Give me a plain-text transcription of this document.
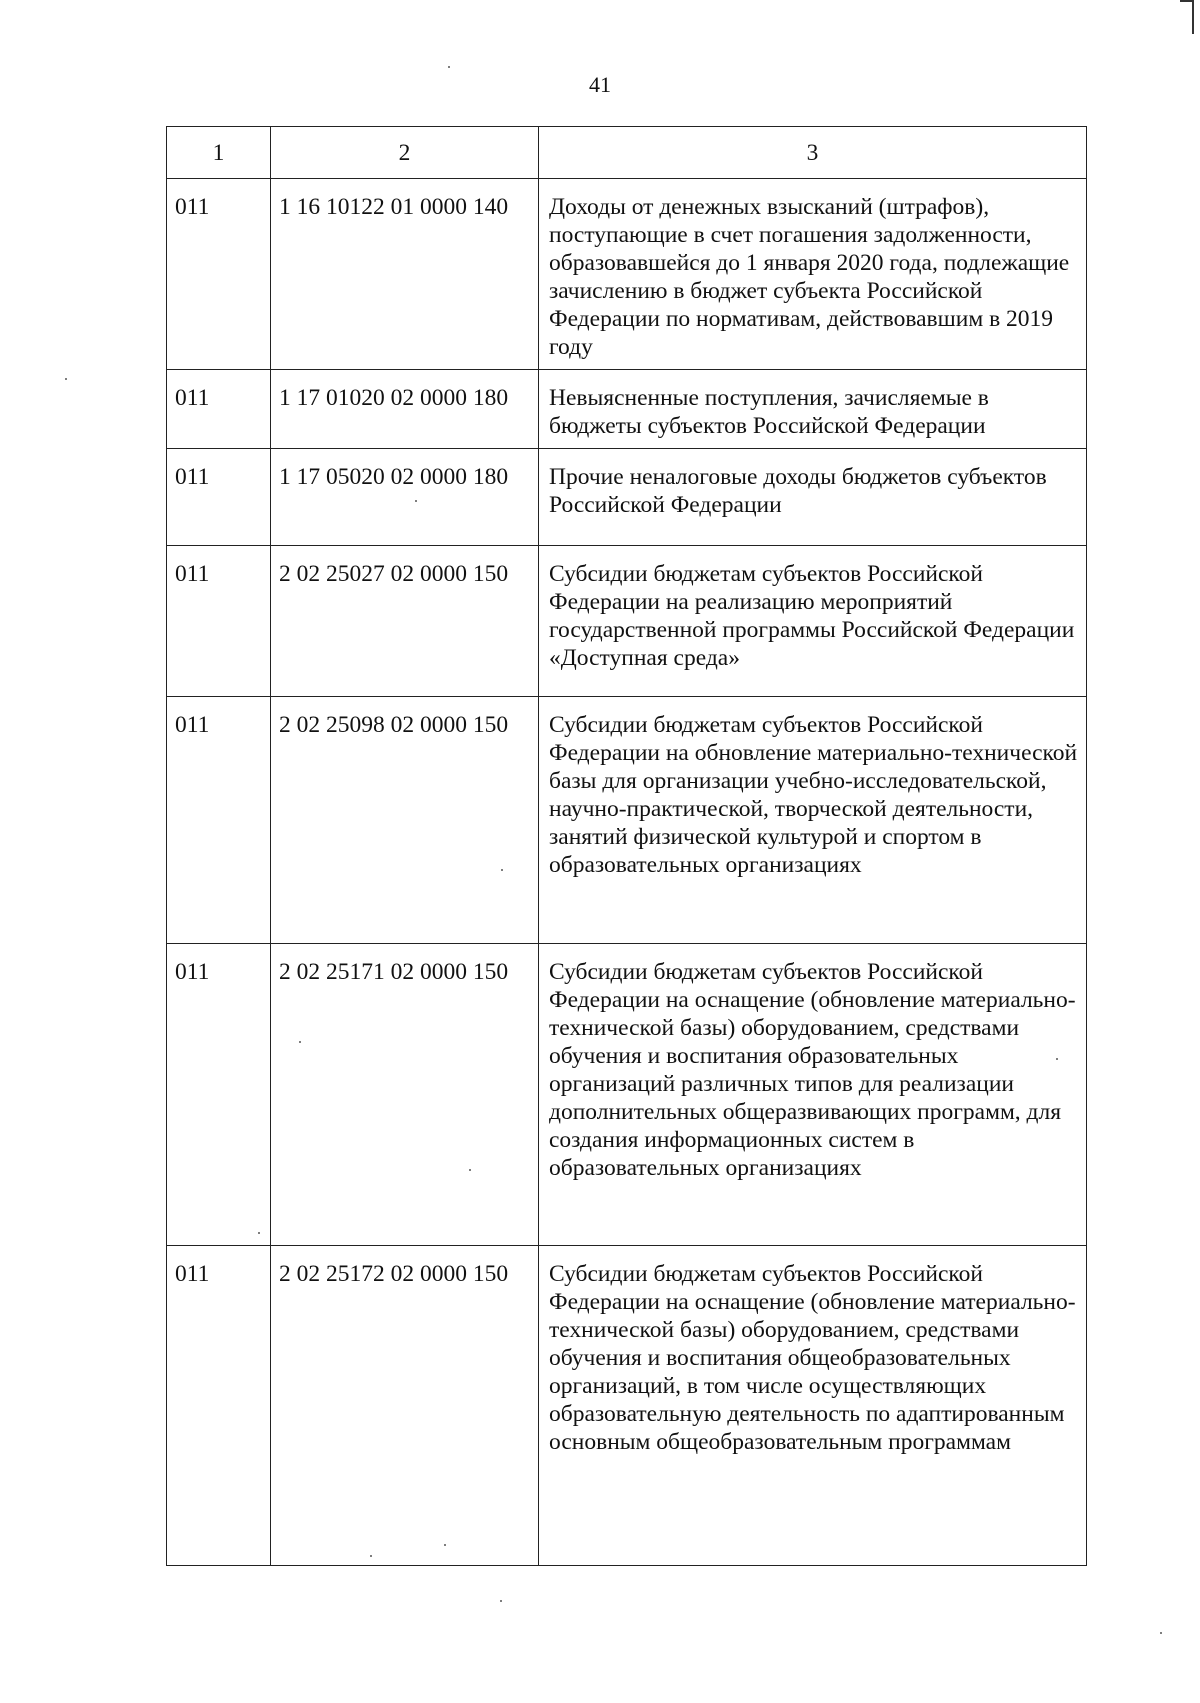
41
1	2	3
011	1 16 10122 01 0000 140	Доходы от денежных взысканий (штрафов), поступающие в счет погашения задолженности, образовавшейся до 1 января 2020 года, подлежащие зачислению в бюджет субъекта Российской Федерации по нормативам, действовавшим в 2019 году
011	1 17 01020 02 0000 180	Невыясненные поступления, зачисляемые в бюджеты субъектов Российской Федерации
011	1 17 05020 02 0000 180	Прочие неналоговые доходы бюджетов субъектов Российской Федерации
011	2 02 25027 02 0000 150	Субсидии бюджетам субъектов Российской Федерации на реализацию мероприятий государственной программы Российской Федерации «Доступная среда»
011	2 02 25098 02 0000 150	Субсидии бюджетам субъектов Российской Федерации на обновление материально-технической базы для организации учебно-исследовательской, научно-практической, творческой деятельности, занятий физической культурой и спортом в образовательных организациях
011	2 02 25171 02 0000 150	Субсидии бюджетам субъектов Российской Федерации на оснащение (обновление материально-технической базы) оборудованием, средствами обучения и воспитания образовательных организаций различных типов для реализации дополнительных общеразвивающих программ, для создания информационных систем в образовательных организациях
011	2 02 25172 02 0000 150	Субсидии бюджетам субъектов Российской Федерации на оснащение (обновление материально-технической базы) оборудованием, средствами обучения и воспитания общеобразовательных организаций, в том числе осуществляющих образовательную деятельность по адаптированным основным общеобразовательным программам
